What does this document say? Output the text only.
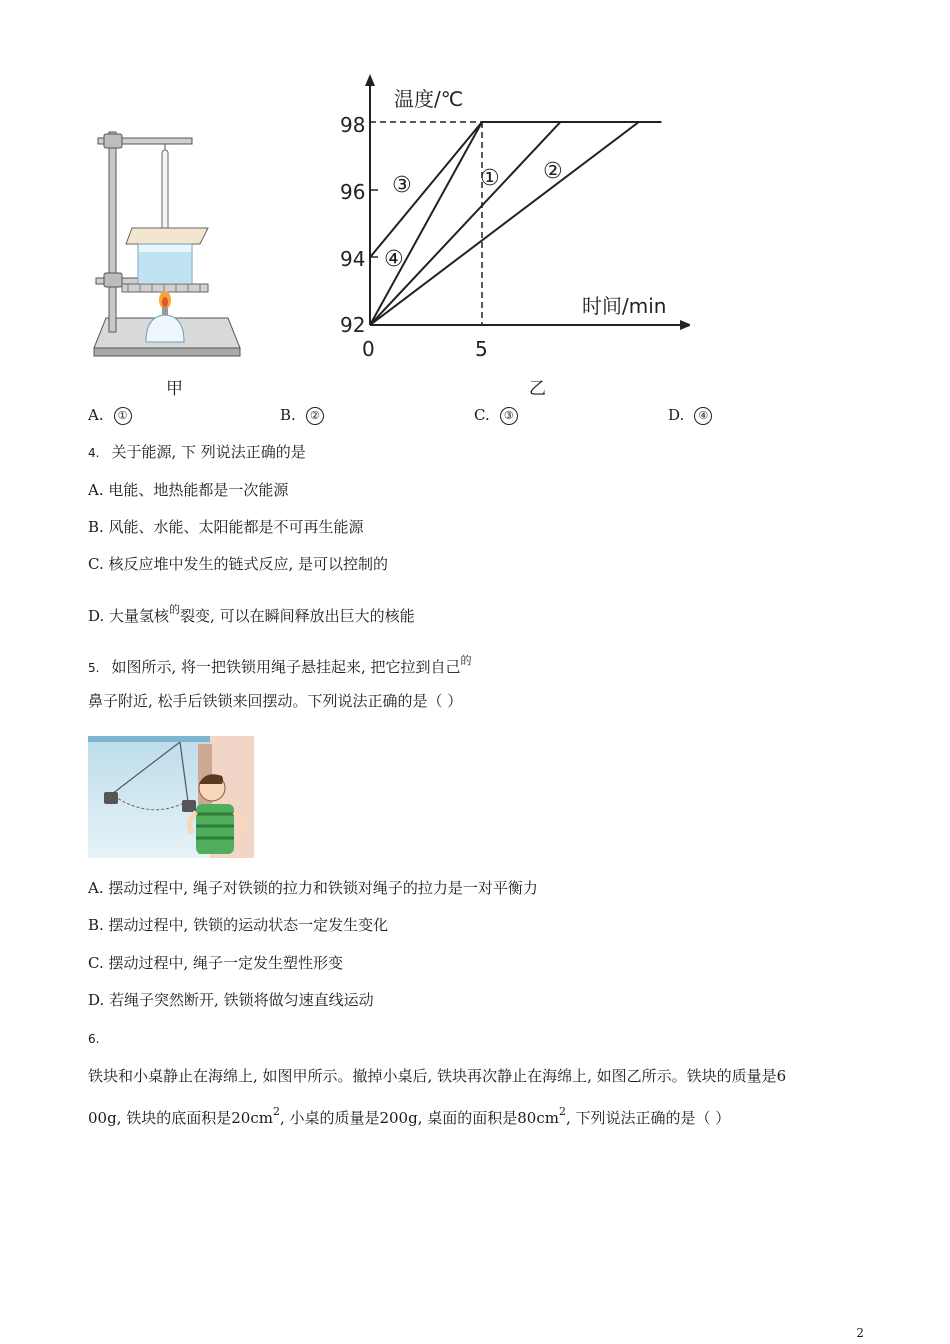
甲
温度/℃
时间/min
98
96
94
92
0	5
③	① ②
④
乙
A. ①	B. ②	C. ③	D. ④
4. 关于能源, 下 列说法正确的是
A. 电能、地热能都是一次能源
B. 风能、水能、太阳能都是不可再生能源
C. 核反应堆中发生的链式反应, 是可以控制的
D. 大量氢核$^的$裂变, 可以在瞬间释放出巨大的核能
5. 如图所示, 将一把铁锁用绳子悬挂起来, 把它拉到自己$^的$
鼻子附近, 松手后铁锁来回摆动。下列说法正确的是（ ）
A. 摆动过程中, 绳子对铁锁的拉力和铁锁对绳子的拉力是一对平衡力
B. 摆动过程中, 铁锁的运动状态一定发生变化
C. 摆动过程中, 绳子一定发生塑性形变
D. 若绳子突然断开, 铁锁将做匀速直线运动
6.
铁块和小桌静止在海绵上, 如图甲所示。撤掉小桌后, 铁块再次静止在海绵上, 如图乙所示。铁块的质量是6
00g, 铁块的底面积是$20cm^2$, 小桌的质量是200g, 桌面的面积是$80cm^2$, 下列说法正确的是（ ）
2
